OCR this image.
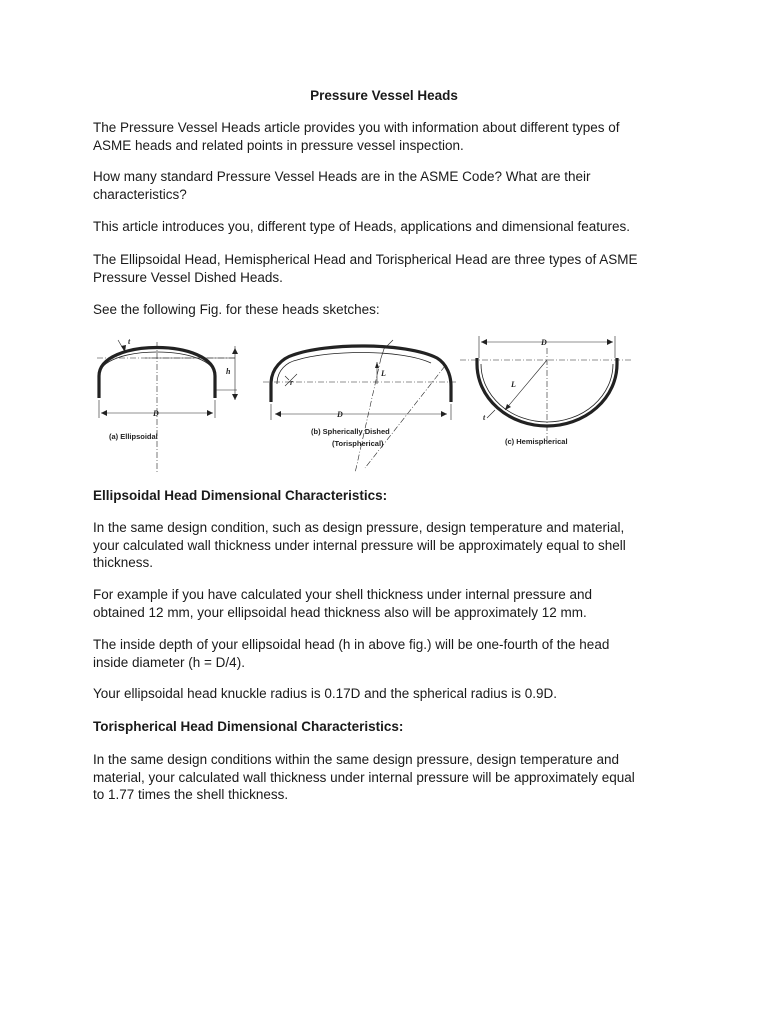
Pressure Vessel Heads

The Pressure Vessel Heads article provides you with information about different types of
ASME heads and related points in pressure vessel inspection.

How many standard Pressure Vessel Heads are in the ASME Code? What are their
characteristics?

This article introduces you, different type of Heads, applications and dimensional features.

The Ellipsoidal Head, Hemispherical Head and Torispherical Head are three types of ASME
Pressure Vessel Dished Heads.

See the following Fig. for these heads sketches:

t
h
D
(a) Ellipsoidal
r
L
D
(b) Spherically Dished
(Torispherical)
D
L
t
(c) Hemispherical
Ellipsoidal Head Dimensional Characteristics:

In the same design condition, such as design pressure, design temperature and material,
your calculated wall thickness under internal pressure will be approximately equal to shell
thickness.

For example if you have calculated your shell thickness under internal pressure and
obtained 12 mm, your ellipsoidal head thickness also will be approximately 12 mm.

The inside depth of your ellipsoidal head (h in above fig.) will be one-fourth of the head
inside diameter (h = D/4).

Your ellipsoidal head knuckle radius is 0.17D and the spherical radius is 0.9D.

Torispherical Head Dimensional Characteristics:

In the same design conditions within the same design pressure, design temperature and
material, your calculated wall thickness under internal pressure will be approximately equal
to 1.77 times the shell thickness.
